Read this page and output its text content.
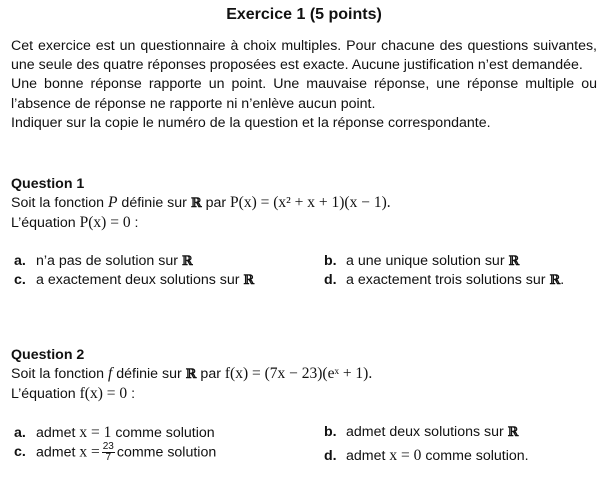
Exercice 1 (5 points)

Cet exercice est un questionnaire à choix multiples. Pour chacune des questions suivantes, une seule des quatre réponses proposées est exacte. Aucune justification n’est demandée.

Une bonne réponse rapporte un point. Une mauvaise réponse, une réponse multiple ou l’absence de réponse ne rapporte ni n’enlève aucun point.

Indiquer sur la copie le numéro de la question et la réponse correspondante.

Question 1
Soit la fonction P définie sur ℝ par P(x) = (x² + x + 1)(x − 1).
L’équation P(x) = 0 :
a. n’a pas de solution sur ℝ	b. a une unique solution sur ℝ
c. a exactement deux solutions sur ℝ	d. a exactement trois solutions sur ℝ.
Question 2
Soit la fonction f définie sur ℝ par f(x) = (7x − 23)(eˣ + 1).
L’équation f(x) = 0 :
a. admet x = 1 comme solution	b. admet deux solutions sur ℝ
c. admet $x = \frac{23}{7}$ comme solution	d. admet x = 0 comme solution.
